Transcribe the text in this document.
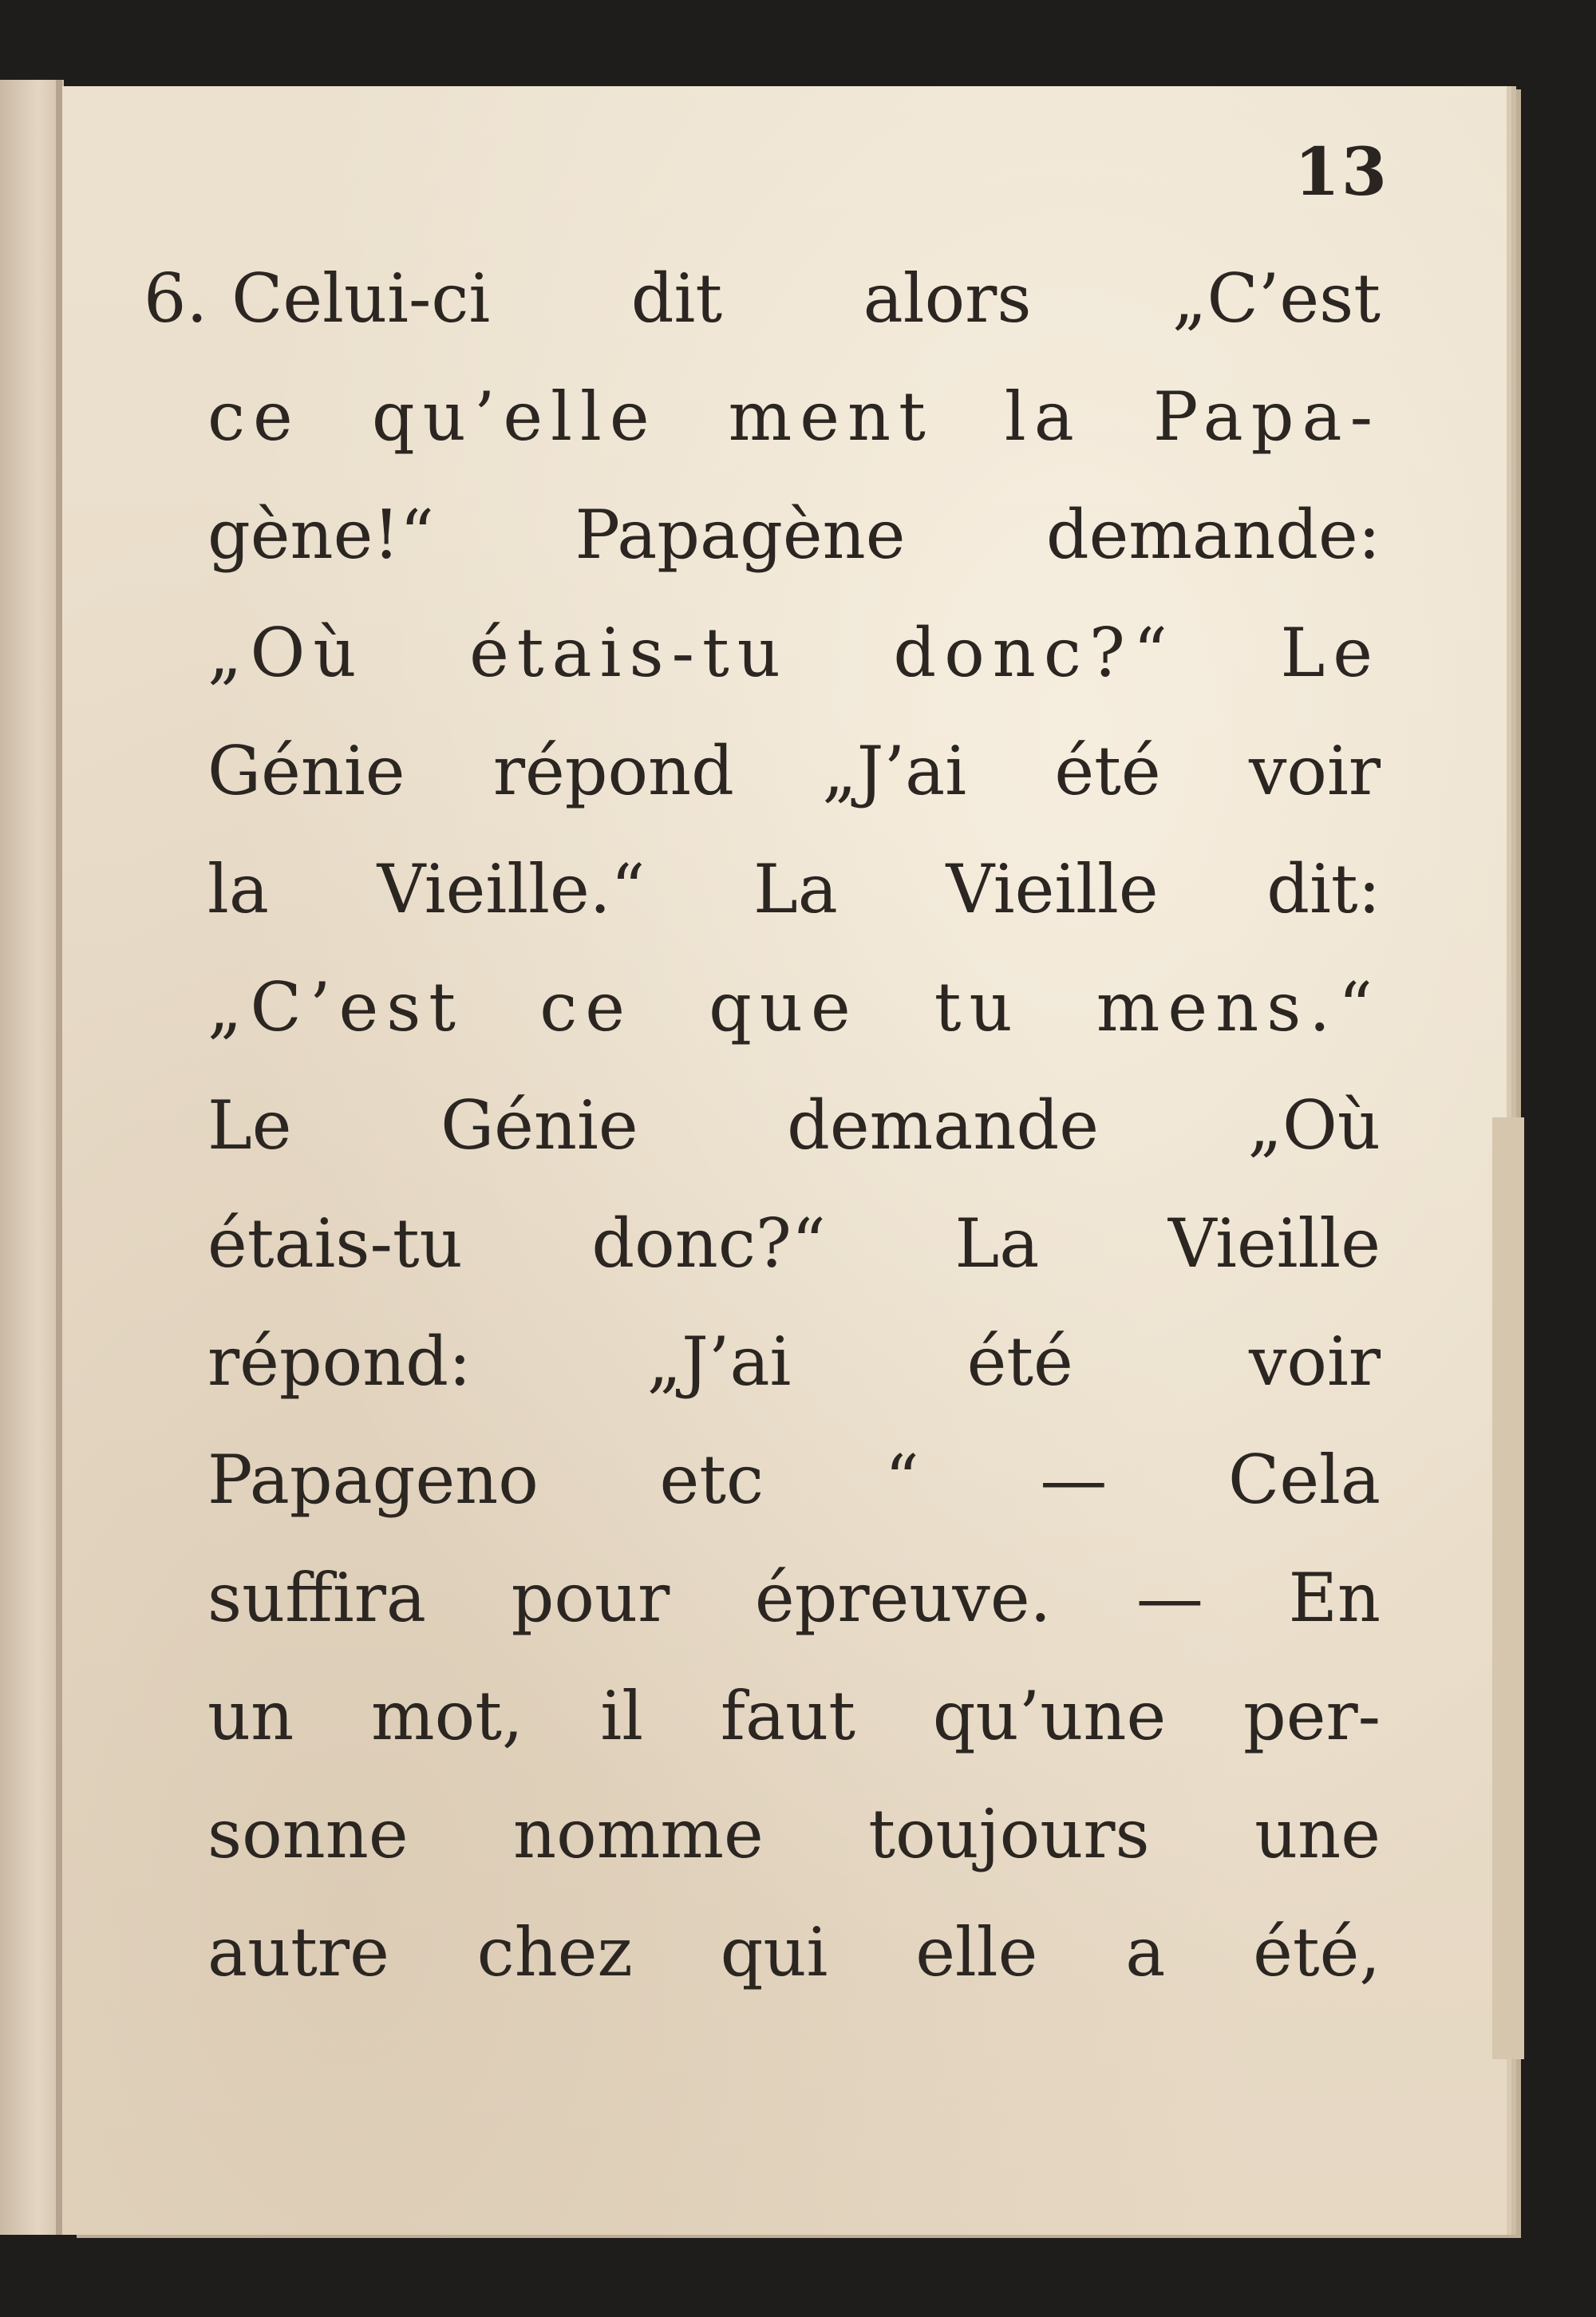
13
6. Celui-ci dit alors „C’est
ce qu’elle ment la Papa-
gène!“ Papagène demande:
„Où étais-tu donc?“ Le
Génie répond „J’ai été voir
la Vieille.“ La Vieille dit:
„C’est ce que tu mens.“
Le Génie demande „Où
étais-tu donc?“ La Vieille
répond: „J’ai été voir
Papageno etc “ — Cela
suffira pour épreuve. — En
un mot, il faut qu’une per-
sonne nomme toujours une
autre chez qui elle a été,
